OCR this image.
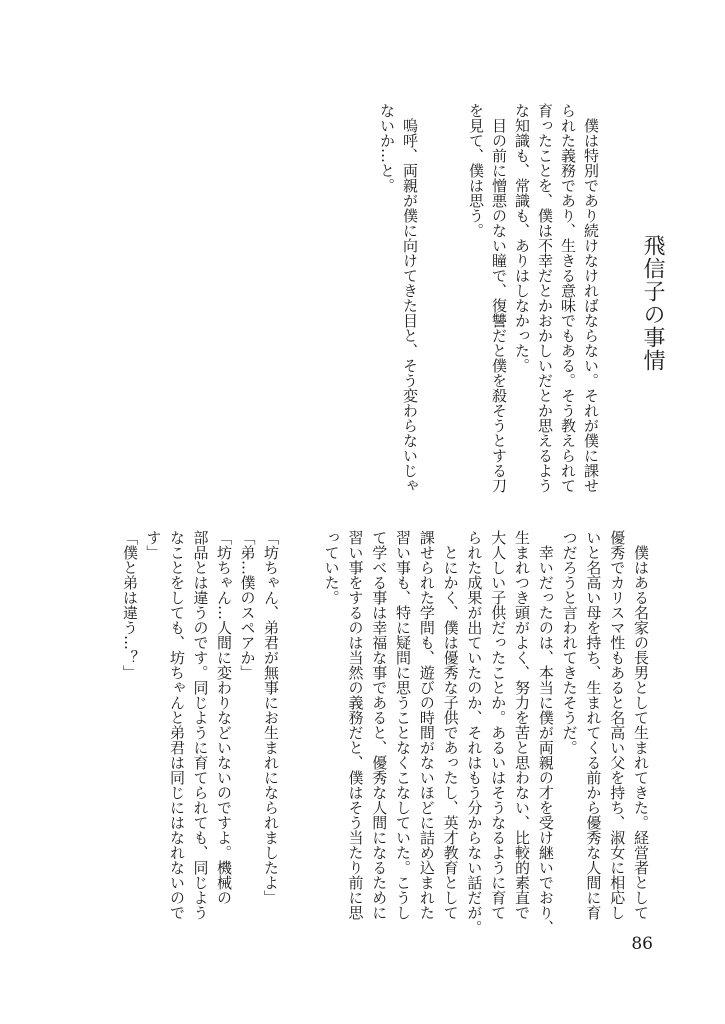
飛信子の事情
　僕は特別であり続けなければならない。それが僕に課せ
られた義務であり、生きる意味でもある。そう教えられて
育ったことを、僕は不幸だとかおかしいだとか思えるよう
な知識も、常識も、ありはしなかった。
　目の前に憎悪のない瞳で、復讐だと僕を殺そうとする刀
を見て、僕は思う。
　嗚呼、両親が僕に向けてきた目と、そう変わらないじゃ
ないか…と。
　僕はある名家の長男として生まれてきた。経営者として
優秀でカリスマ性もあると名高い父を持ち、淑女に相応し
いと名高い母を持ち、生まれてくる前から優秀な人間に育
つだろうと言われてきたそうだ。
　幸いだったのは、本当に僕が両親の才を受け継いでおり、
生まれつき頭がよく、努力を苦と思わない、比較的素直で
大人しい子供だったことか。あるいはそうなるように育て
られた成果が出ていたのか、それはもう分からない話だが。
　とにかく、僕は優秀な子供であったし、英才教育として
課せられた学問も、遊びの時間がないほどに詰め込まれた
習い事も、特に疑問に思うことなくこなしていた。こうし
て学べる事は幸福な事であると、優秀な人間になるために
習い事をするのは当然の義務だと、僕はそう当たり前に思
っていた。
「坊ちゃん、弟君が無事にお生まれになられましたよ」
「弟…僕のスペアか」
「坊ちゃん…人間に変わりなどいないのですよ。機械の
部品とは違うのです。同じように育てられても、同じよう
なことをしても、坊ちゃんと弟君は同じにはなれないので
す」
「僕と弟は違う…？」
86
